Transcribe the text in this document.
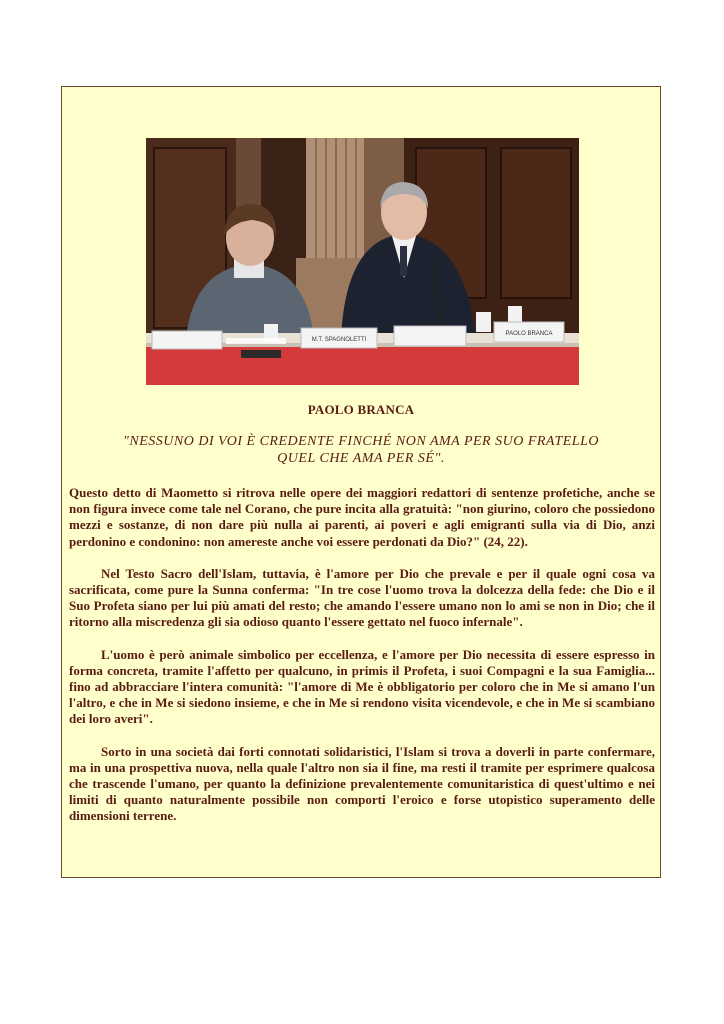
M.T. SPAGNOLETTI
PAOLO BRANCA
PAOLO BRANCA
"NESSUNO DI VOI È CREDENTE FINCHÉ NON AMA PER SUO FRATELLO
QUEL CHE AMA PER SÉ".

Questo detto di Maometto si ritrova nelle opere dei maggiori redattori di sentenze profetiche, anche se non figura invece come tale nel Corano, che pure incita alla gratuità: "non giurino, coloro che possiedono mezzi e sostanze, di non dare più nulla ai parenti, ai poveri e agli emigranti sulla via di Dio, anzi perdonino e condonino: non amereste anche voi essere perdonati da Dio?" (24, 22).

Nel Testo Sacro dell'Islam, tuttavia, è l'amore per Dio che prevale e per il quale ogni cosa va sacrificata, come pure la Sunna conferma: "In tre cose l'uomo trova la dolcezza della fede: che Dio e il Suo Profeta siano per lui più amati del resto; che amando l'essere umano non lo ami se non in Dio; che il ritorno alla miscredenza gli sia odioso quanto l'essere gettato nel fuoco infernale".

L'uomo è però animale simbolico per eccellenza, e l'amore per Dio necessita di essere espresso in forma concreta, tramite l'affetto per qualcuno, in primis il Profeta, i suoi Compagni e la sua Famiglia... fino ad abbracciare l'intera comunità: "l'amore di Me è obbligatorio per coloro che in Me si amano l'un l'altro, e che in Me si siedono insieme, e che in Me si rendono visita vicendevole, e che in Me si scambiano dei loro averi".

Sorto in una società dai forti connotati solidaristici, l'Islam si trova a doverli in parte confermare, ma in una prospettiva nuova, nella quale l'altro non sia il fine, ma resti il tramite per esprimere qualcosa che trascende l'umano, per quanto la definizione prevalentemente comunitaristica di quest'ultimo e nei limiti di quanto naturalmente possibile non comporti l'eroico e forse utopistico superamento delle dimensioni terrene.
